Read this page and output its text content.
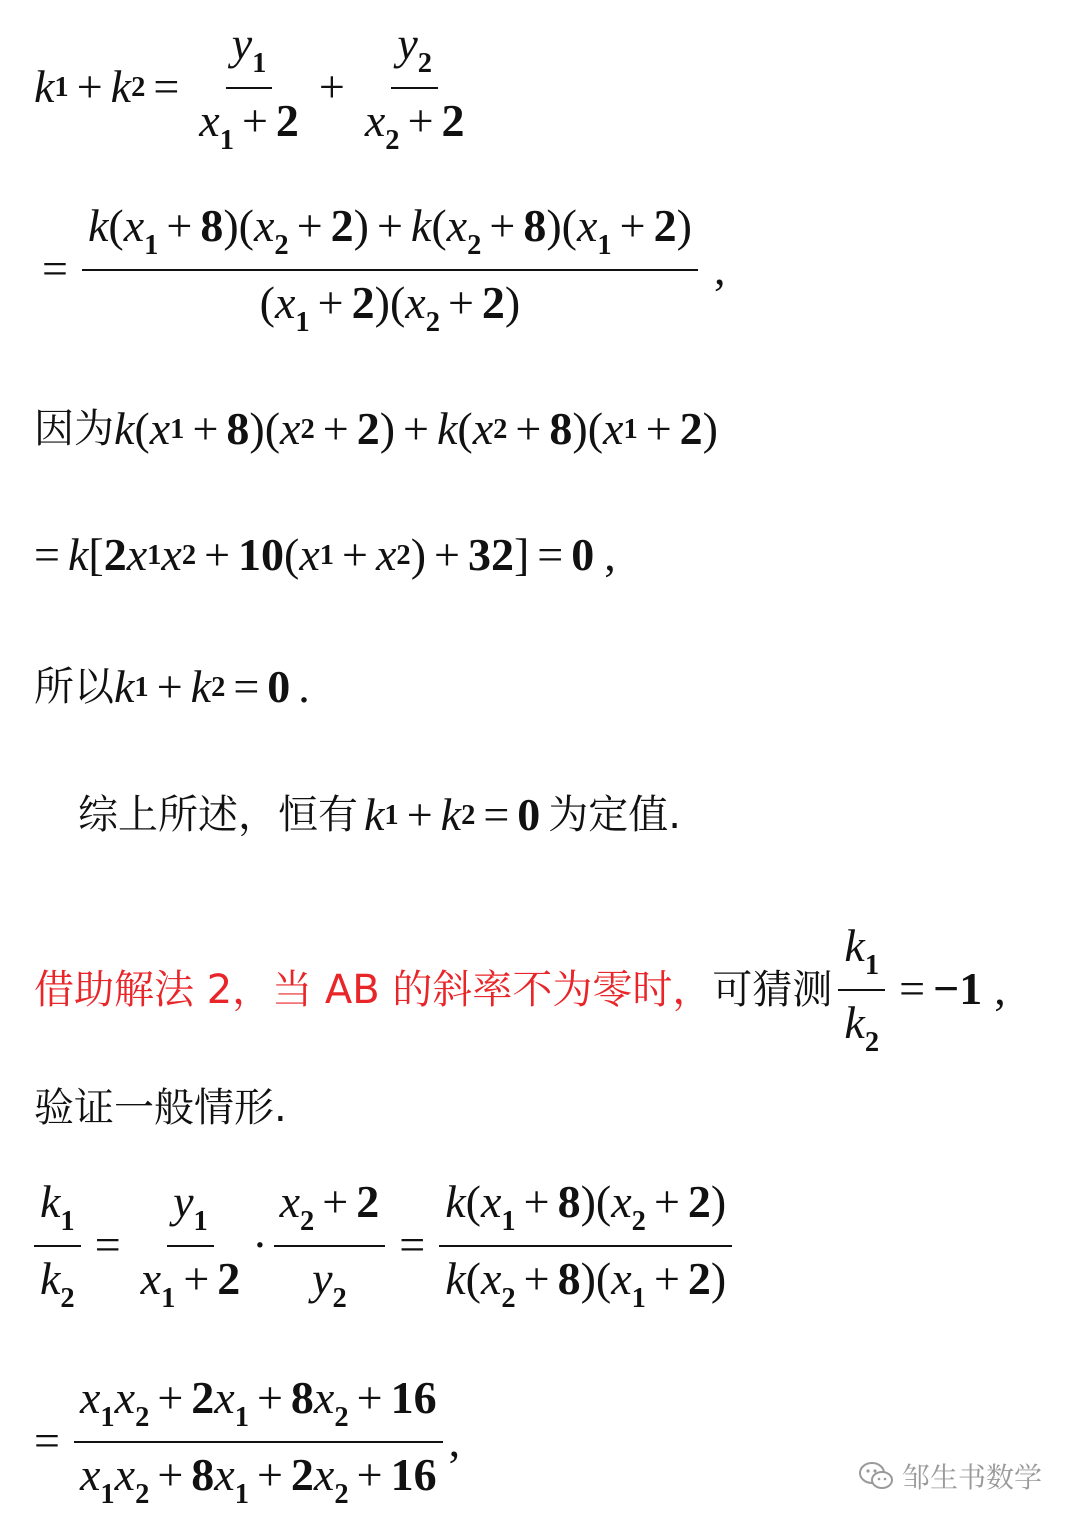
k 1 + k $2 = \frac{y_1}{x_1 + 2} + \frac{y_2}{x_2 + 2}$
= $\frac{k(x_1 + 8)(x_2 + 2) + k(x_2 + 8)(x_1 + 2)}{(x_1 + 2)(x_2 + 2)}$ ,
因为 k ( x 1 + 8 ) ( x 2 + 2 ) + k ( x 2 + 8 ) ( x 1 + 2 )
= k [ 2 x 1 x 2 + 10 ( x 1 + x 2 ) + 32 ] = 0 ,
所以 k 1 + k 2 = 0 .
综上所述，恒有 k 1 + k 2 = 0 为定值.
借助解法 2，当 AB 的斜率不为零时， 可猜测 $\frac{k_1}{k_2} = -1$ ,
验证一般情形.
$\frac{k_1}{k_2} = \frac{y_1}{x_1 + 2} \cdot \frac{x_2 + 2}{y_2} = \frac{k(x_1 + 8)(x_2 + 2)}{k(x_2 + 8)(x_1 + 2)}$
= $\frac{x_1x_2 + 2x_1 + 8x_2 + 16}{x_1x_2 + 8x_1 + 2x_2 + 16}$ ,
邹生书数学
